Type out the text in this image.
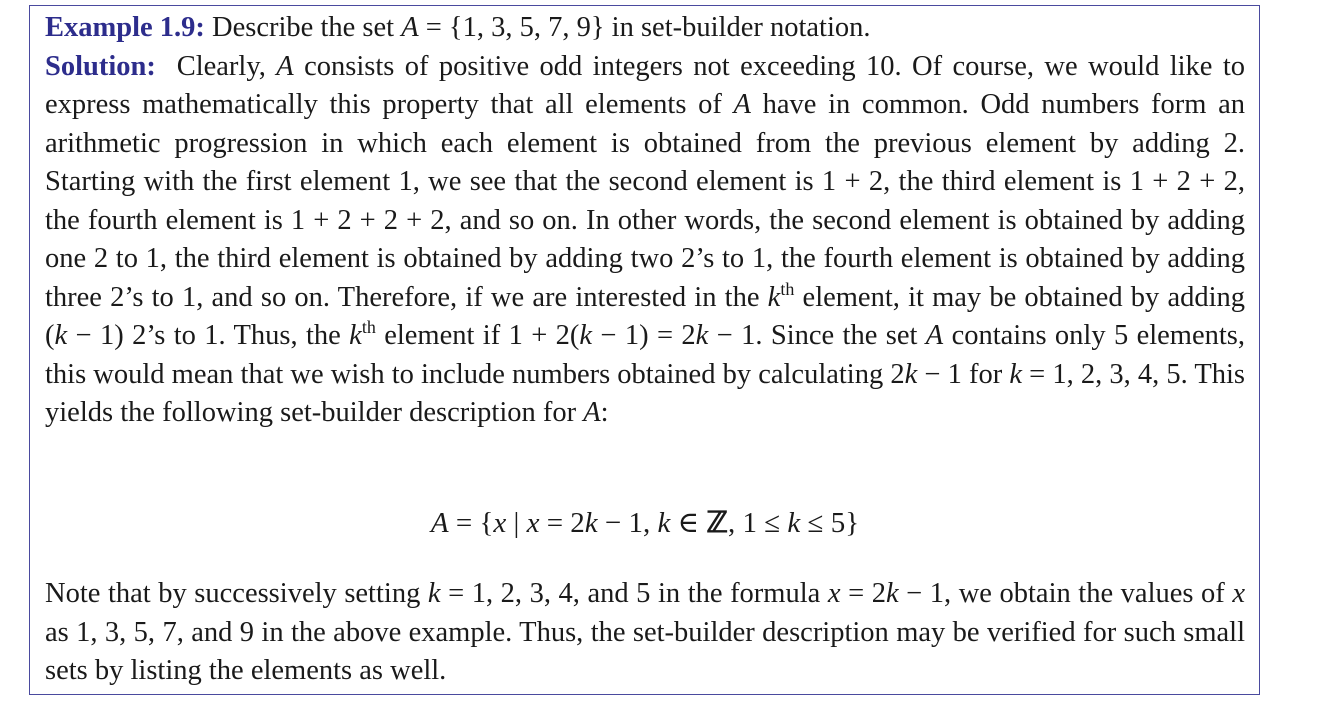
Example 1.9: Describe the set A = {1, 3, 5, 7, 9} in set-builder notation.
Solution: Clearly, A consists of positive odd integers not exceeding 10. Of course, we would like to express mathematically this property that all elements of A have in common. Odd numbers form an arithmetic progression in which each element is obtained from the previous element by adding 2. Starting with the first element 1, we see that the second element is 1 + 2, the third element is 1 + 2 + 2, the fourth element is 1 + 2 + 2 + 2, and so on. In other words, the second element is obtained by adding one 2 to 1, the third element is obtained by adding two 2’s to 1, the fourth element is obtained by adding three 2’s to 1, and so on. Therefore, if we are interested in the $k^{th}$ element, it may be obtained by adding (k − 1) 2’s to 1. Thus, the $k^{th}$ element if 1 + 2(k − 1) = 2k − 1. Since the set A contains only 5 elements, this would mean that we wish to include numbers obtained by calculating 2k − 1 for k = 1, 2, 3, 4, 5. This yields the following set-builder description for A:

A = {x | x = 2k − 1, k ∈ ℤ, 1 ≤ k ≤ 5}

Note that by successively setting k = 1, 2, 3, 4, and 5 in the formula x = 2k − 1, we obtain the values of x as 1, 3, 5, 7, and 9 in the above example. Thus, the set-builder description may be verified for such small sets by listing the elements as well.
